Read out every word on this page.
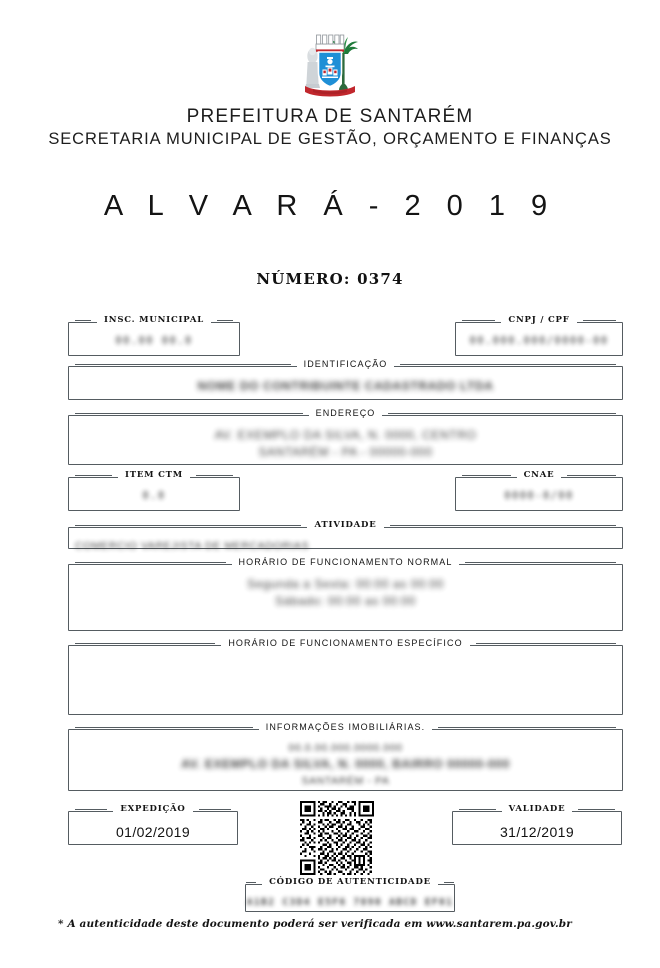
PREFEITURA DE SANTARÉM
SECRETARIA MUNICIPAL DE GESTÃO, ORÇAMENTO E FINANÇAS
A L V A R Á - 2 0 1 9
NÚMERO: 0374
INSC. MUNICIPAL
00.00 00.0
CNPJ / CPF
00.000.000/0000-00
IDENTIFICAÇÃO
NOME DO CONTRIBUINTE CADASTRADO LTDA
ENDEREÇO
AV. EXEMPLO DA SILVA, N. 0000, CENTRO
SANTARÉM - PA - 00000-000
ITEM CTM
0.0
CNAE
0000-0/00
ATIVIDADE
COMERCIO VAREJISTA DE MERCADORIAS
HORÁRIO DE FUNCIONAMENTO NORMAL
Segunda a Sexta: 00:00 as 00:00
Sábado: 00:00 as 00:00
HORÁRIO DE FUNCIONAMENTO ESPECÍFICO
INFORMAÇÕES IMOBILIÁRIAS.
00.0.00.000.0000.000
AV. EXEMPLO DA SILVA, N. 0000, BAIRRO 00000-000
SANTARÉM - PA
EXPEDIÇÃO
01/02/2019
VALIDADE
31/12/2019
CÓDIGO DE AUTENTICIDADE
A1B2 C3D4 E5F6 7890 ABCD EF01
* A autenticidade deste documento poderá ser verificada em www.santarem.pa.gov.br
